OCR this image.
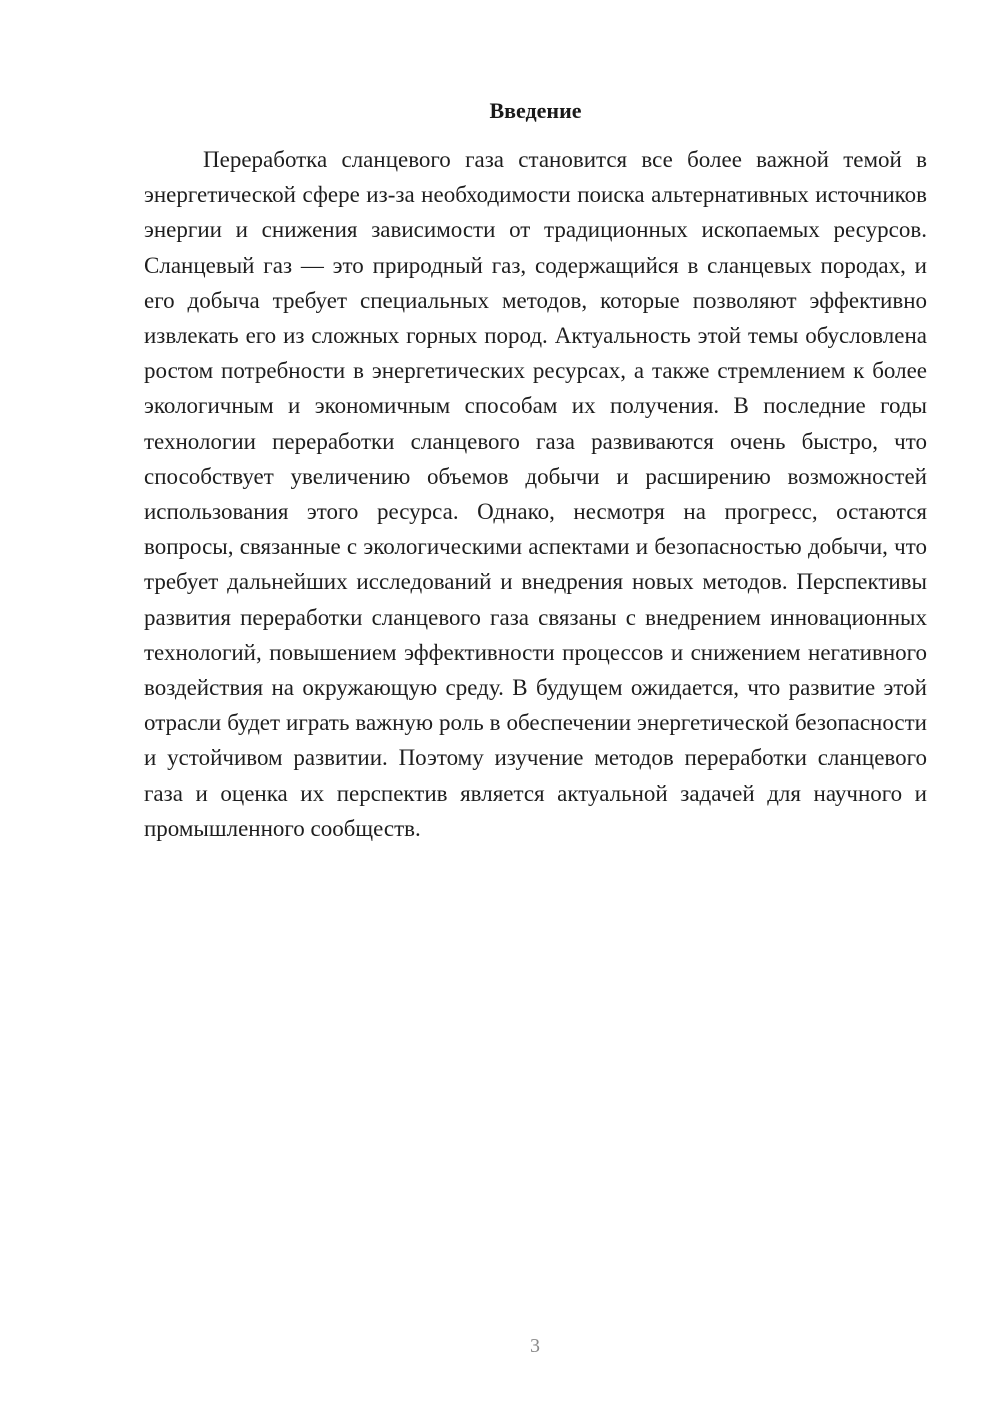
Введение

Переработка сланцевого газа становится все более важной темой в энергетической сфере из-за необходимости поиска альтернативных источников энергии и снижения зависимости от традиционных ископаемых ресурсов. Сланцевый газ — это природный газ, содержащийся в сланцевых породах, и его добыча требует специальных методов, которые позволяют эффективно извлекать его из сложных горных пород. Актуальность этой темы обусловлена ростом потребности в энергетических ресурсах, а также стремлением к более экологичным и экономичным способам их получения. В последние годы технологии переработки сланцевого газа развиваются очень быстро, что способствует увеличению объемов добычи и расширению возможностей использования этого ресурса. Однако, несмотря на прогресс, остаются вопросы, связанные с экологическими аспектами и безопасностью добычи, что требует дальнейших исследований и внедрения новых методов. Перспективы развития переработки сланцевого газа связаны с внедрением инновационных технологий, повышением эффективности процессов и снижением негативного воздействия на окружающую среду. В будущем ожидается, что развитие этой отрасли будет играть важную роль в обеспечении энергетической безопасности и устойчивом развитии. Поэтому изучение методов переработки сланцевого газа и оценка их перспектив является актуальной задачей для научного и промышленного сообществ.

3
